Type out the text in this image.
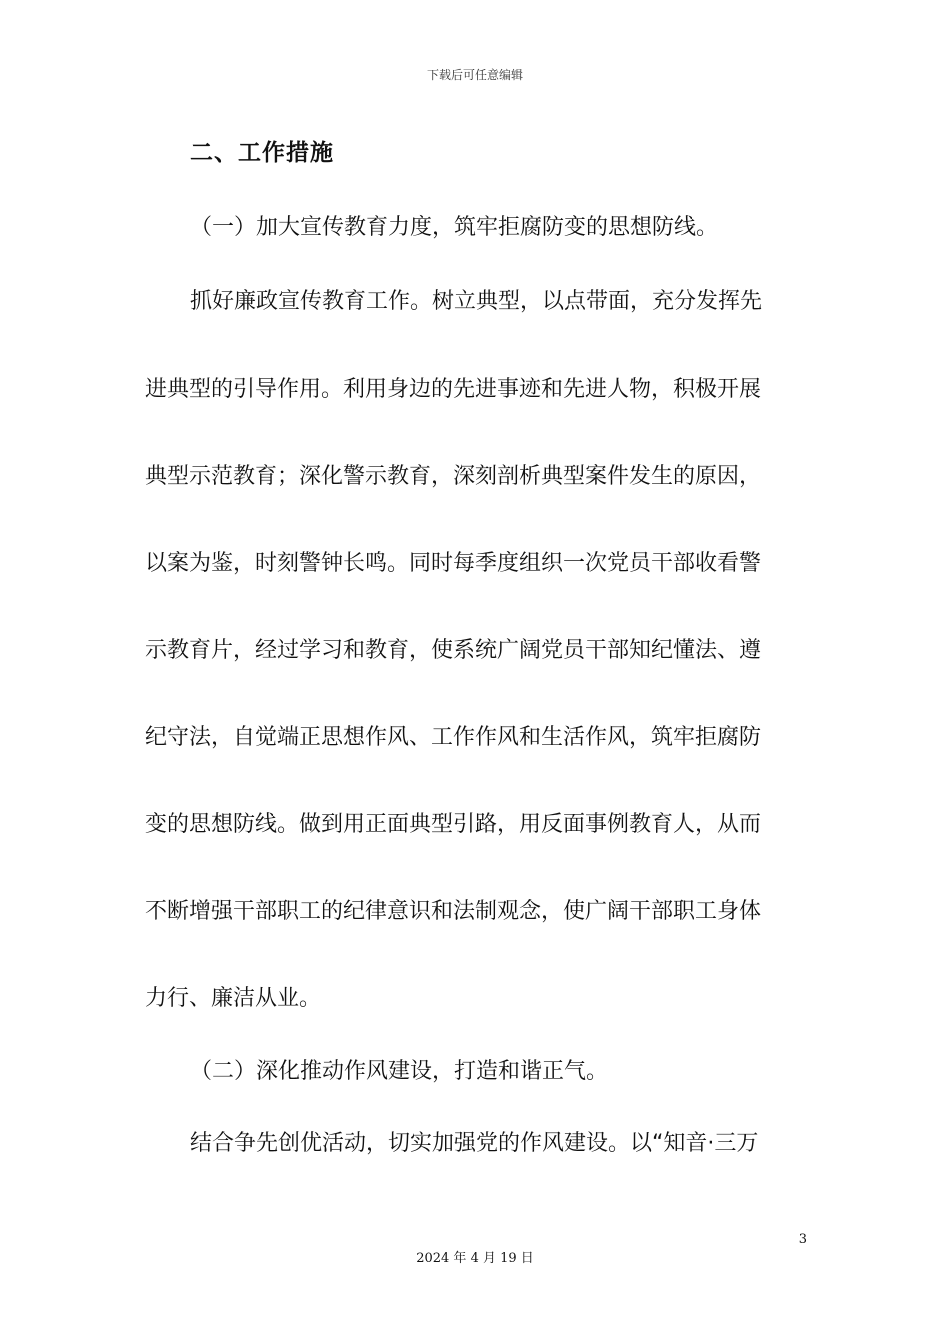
下载后可任意编辑
二、工作措施
（一）加大宣传教育力度，筑牢拒腐防变的思想防线。
抓好廉政宣传教育工作。树立典型，以点带面，充分发挥先
进典型的引导作用。利用身边的先进事迹和先进人物，积极开展
典型示范教育；深化警示教育，深刻剖析典型案件发生的原因，
以案为鉴，时刻警钟长鸣。同时每季度组织一次党员干部收看警
示教育片，经过学习和教育，使系统广阔党员干部知纪懂法、遵
纪守法，自觉端正思想作风、工作作风和生活作风，筑牢拒腐防
变的思想防线。做到用正面典型引路，用反面事例教育人，从而
不断增强干部职工的纪律意识和法制观念，使广阔干部职工身体
力行、廉洁从业。
（二）深化推动作风建设，打造和谐正气。
结合争先创优活动，切实加强党的作风建设。以“知音·三万
3
2024 年 4 月 19 日
